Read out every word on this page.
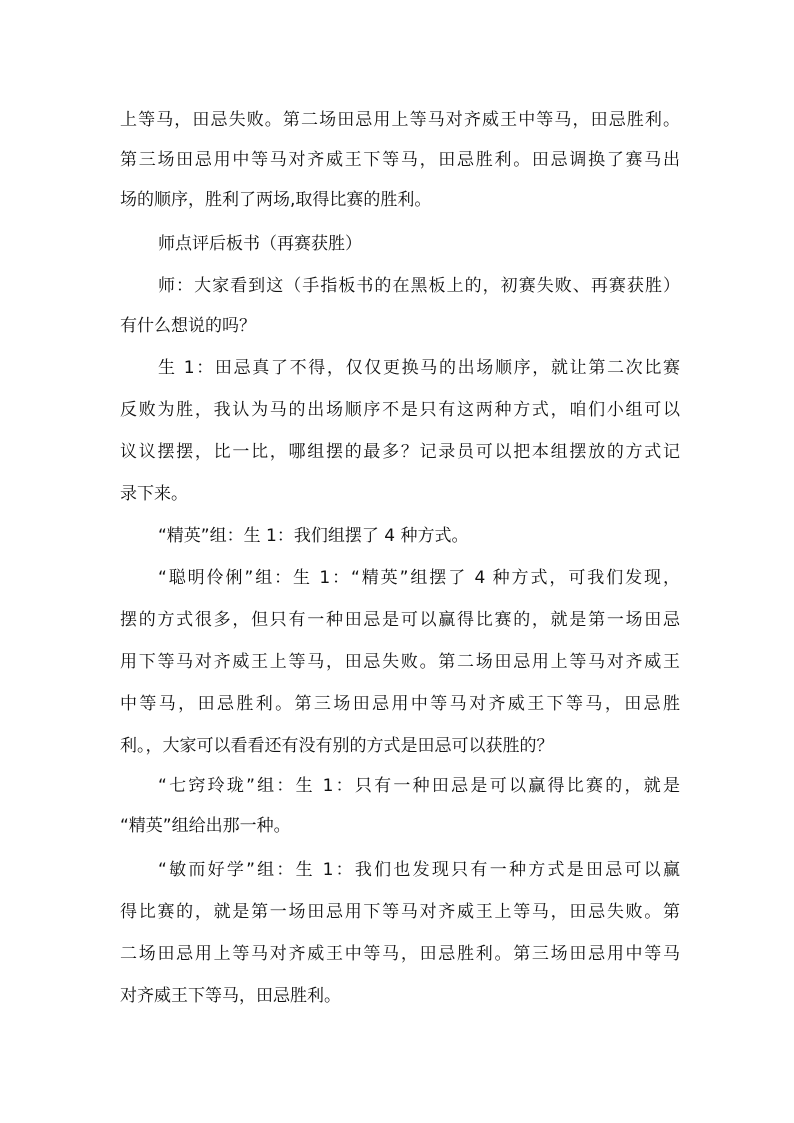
上等马，田忌失败。第二场田忌用上等马对齐威王中等马，田忌胜利。
第三场田忌用中等马对齐威王下等马，田忌胜利。田忌调换了赛马出
场的顺序，胜利了两场,取得比赛的胜利。
师点评后板书（再赛获胜）
师：大家看到这（手指板书的在黑板上的，初赛失败、再赛获胜）
有什么想说的吗？
生 1：田忌真了不得，仅仅更换马的出场顺序，就让第二次比赛
反败为胜，我认为马的出场顺序不是只有这两种方式，咱们小组可以
议议摆摆，比一比，哪组摆的最多？记录员可以把本组摆放的方式记
录下来。
“精英”组：生 1：我们组摆了 4 种方式。
“聪明伶俐”组：生 1：“精英”组摆了 4 种方式，可我们发现，
摆的方式很多，但只有一种田忌是可以赢得比赛的，就是第一场田忌
用下等马对齐威王上等马，田忌失败。第二场田忌用上等马对齐威王
中等马，田忌胜利。第三场田忌用中等马对齐威王下等马，田忌胜
利。，大家可以看看还有没有别的方式是田忌可以获胜的？
“七窍玲珑”组：生 1：只有一种田忌是可以赢得比赛的，就是
“精英”组给出那一种。
“敏而好学”组：生 1：我们也发现只有一种方式是田忌可以赢
得比赛的，就是第一场田忌用下等马对齐威王上等马，田忌失败。第
二场田忌用上等马对齐威王中等马，田忌胜利。第三场田忌用中等马
对齐威王下等马，田忌胜利。
